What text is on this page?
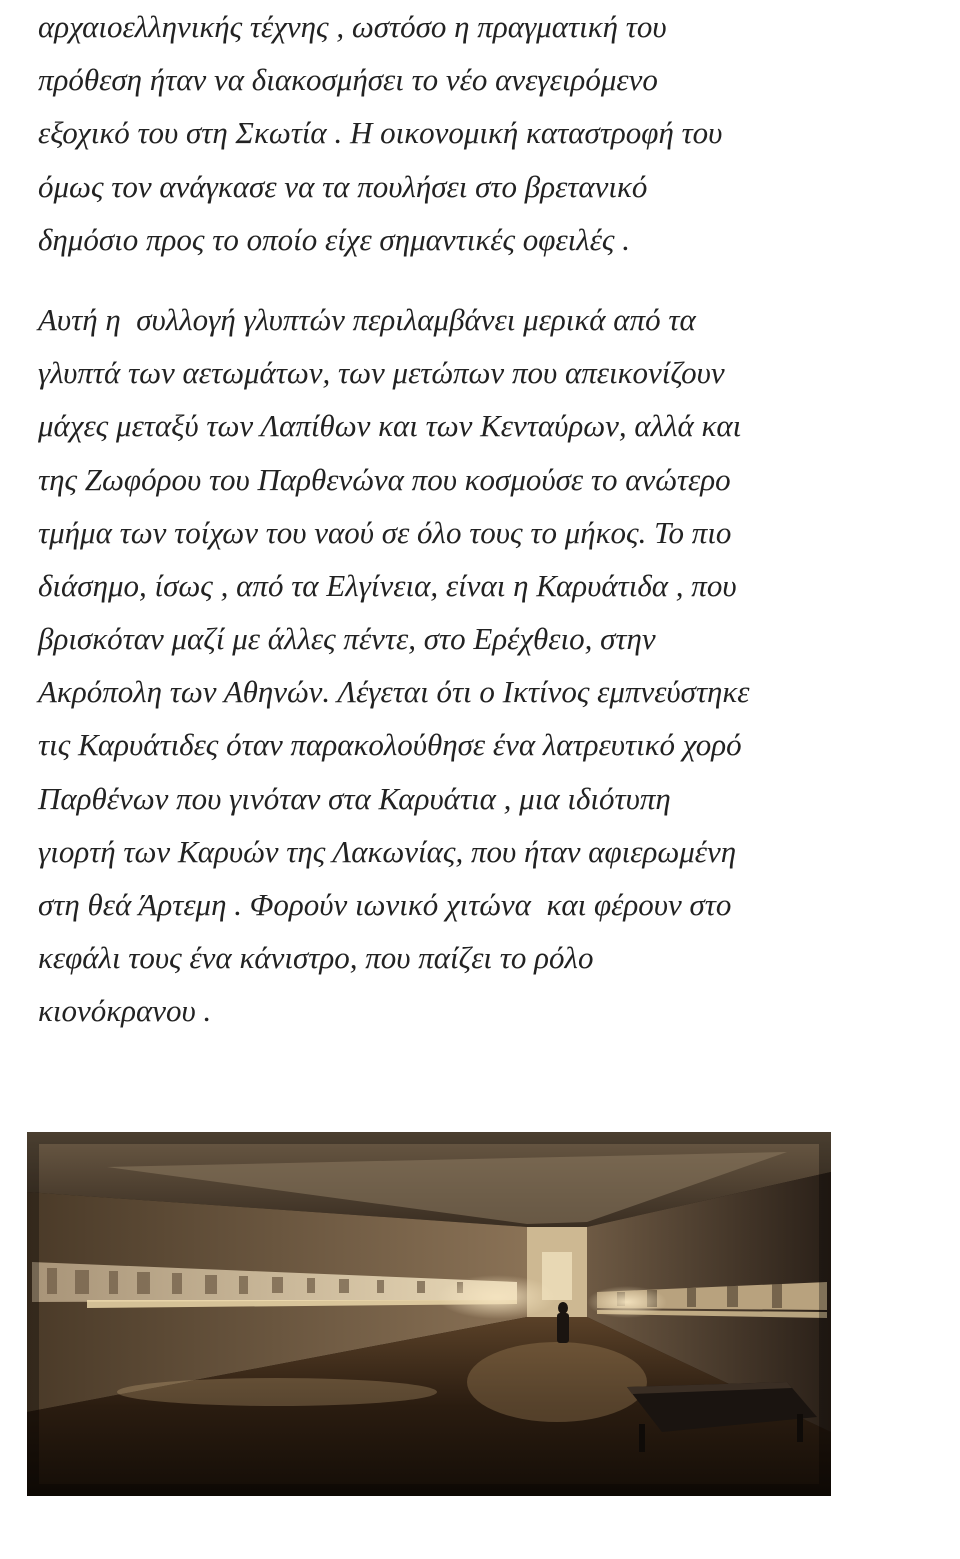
αρχαιοελληνικής τέχνης , ωστόσο η πραγματική του
πρόθεση ήταν να διακοσμήσει το νέο ανεγειρόμενο
εξοχικό του στη Σκωτία . Η οικονομική καταστροφή του
όμως τον ανάγκασε να τα πουλήσει στο βρετανικό
δημόσιο προς το οποίο είχε σημαντικές οφειλές .
Αυτή η  συλλογή γλυπτών περιλαμβάνει μερικά από τα
γλυπτά των αετωμάτων, των μετώπων που απεικονίζουν
μάχες μεταξύ των Λαπίθων και των Κενταύρων, αλλά και
της Ζωφόρου του Παρθενώνα που κοσμούσε το ανώτερο
τμήμα των τοίχων του ναού σε όλο τους το μήκος. Το πιο
διάσημο, ίσως , από τα Ελγίνεια, είναι η Καρυάτιδα , που
βρισκόταν μαζί με άλλες πέντε, στο Ερέχθειο, στην
Ακρόπολη των Αθηνών. Λέγεται ότι ο Ικτίνος εμπνεύστηκε
τις Καρυάτιδες όταν παρακολούθησε ένα λατρευτικό χορό
Παρθένων που γινόταν στα Καρυάτια , μια ιδιότυπη
γιορτή των Καρυών της Λακωνίας, που ήταν αφιερωμένη
στη θεά Άρτεμη . Φορούν ιωνικό χιτώνα  και φέρουν στο
κεφάλι τους ένα κάνιστρο, που παίζει το ρόλο
κιονόκρανου .
